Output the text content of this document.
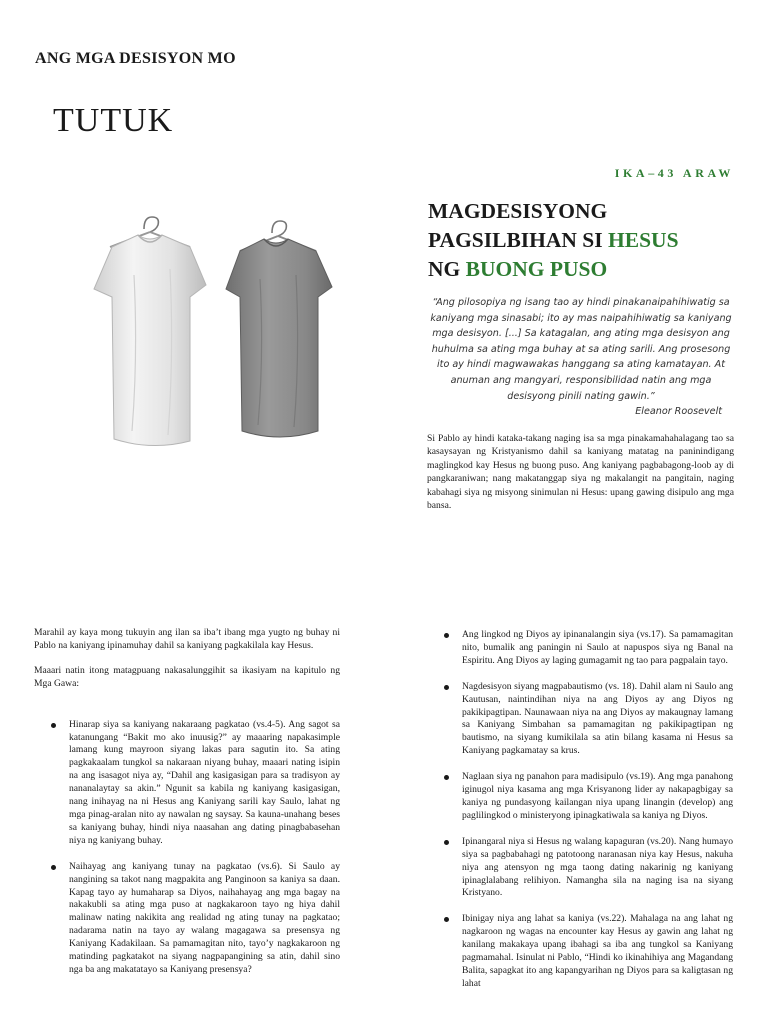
ANG MGA DESISYON MO
TUTUK
IKA–43 ARAW
MAGDESISYONG
PAGSILBIHAN SI HESUS
NG BUONG PUSO
“Ang pilosopiya ng isang tao ay hindi pinakanaipahihiwatig sa kaniyang mga sinasabi; ito ay mas naipahihiwatig sa kaniyang mga desisyon. [...] Sa katagalan, ang ating mga desisyon ang huhulma sa ating mga buhay at sa ating sarili. Ang prosesong ito ay hindi magwawakas hanggang sa ating kamatayan. At anuman ang mangyari, responsibilidad natin ang mga desisyong pinili nating gawin.”
Eleanor Roosevelt
Si Pablo ay hindi kataka-takang naging isa sa mga pinakamahahalagang tao sa kasaysayan ng Kristyanismo dahil sa kaniyang matatag na paninindigang maglingkod kay Hesus ng buong puso. Ang kaniyang pagbabagong-loob ay di pangkaraniwan; nang makatanggap siya ng makalangit na pangitain, naging kabahagi siya ng misyong sinimulan ni Hesus: upang gawing disipulo ang mga bansa.

Marahil ay kaya mong tukuyin ang ilan sa iba’t ibang mga yugto ng buhay ni Pablo na kaniyang ipinamuhay dahil sa kaniyang pagkakilala kay Hesus.

Maaari natin itong matagpuang nakasalunggihit sa ikasiyam na kapitulo ng Mga Gawa:

Hinarap siya sa kaniyang nakaraang pagkatao (vs.4-5). Ang sagot sa katanungang “Bakit mo ako inuusig?” ay maaaring napakasimple lamang kung mayroon siyang lakas para sagutin ito. Sa ating pagkakaalam tungkol sa nakaraan niyang buhay, maaari nating isipin na ang isasagot niya ay, “Dahil ang kasigasigan para sa tradisyon ay nananalaytay sa akin.” Ngunit sa kabila ng kaniyang kasigasigan, nang inihayag na ni Hesus ang Kaniyang sarili kay Saulo, lahat ng mga pinag-aralan nito ay nawalan ng saysay. Sa kauna-unahang beses sa kaniyang buhay, hindi niya naasahan ang dating pinagbabasehan niya ng kaniyang buhay.
Naihayag ang kaniyang tunay na pagkatao (vs.6). Si Saulo ay nangining sa takot nang magpakita ang Panginoon sa kaniya sa daan. Kapag tayo ay humaharap sa Diyos, naihahayag ang mga bagay na nakakubli sa ating mga puso at nagkakaroon tayo ng hiya dahil malinaw nating nakikita ang realidad ng ating tunay na pagkatao; nadarama natin na tayo ay walang magagawa sa presensya ng Kaniyang Kadakilaan. Sa pamamagitan nito, tayo’y nagkakaroon ng matinding pagkatakot na siyang nagpapangining sa atin, dahil sino nga ba ang makatatayo sa Kaniyang presensya?
Ang lingkod ng Diyos ay ipinanalangin siya (vs.17). Sa pamamagitan nito, bumalik ang paningin ni Saulo at napuspos siya ng Banal na Espiritu. Ang Diyos ay laging gumagamit ng tao para pagpalain tayo.
Nagdesisyon siyang magpabautismo (vs. 18). Dahil alam ni Saulo ang Kautusan, naintindihan niya na ang Diyos ay ang Diyos ng pakikipagtipan. Naunawaan niya na ang Diyos ay makaugnay lamang sa Kaniyang Simbahan sa pamamagitan ng pakikipagtipan ng bautismo, na siyang kumikilala sa atin bilang kasama ni Hesus sa Kaniyang pagkamatay sa krus.
Naglaan siya ng panahon para madisipulo (vs.19). Ang mga panahong iginugol niya kasama ang mga Krisyanong lider ay nakapagbigay sa kaniya ng pundasyong kailangan niya upang linangin (develop) ang paglilingkod o ministeryong ipinagkatiwala sa kaniya ng Diyos.
Ipinangaral niya si Hesus ng walang kapaguran (vs.20). Nang humayo siya sa pagbabahagi ng patotoong naranasan niya kay Hesus, nakuha niya ang atensyon ng mga taong dating nakarinig ng kaniyang ipinaglalabang relihiyon. Namangha sila na naging isa na siyang Kristyano.
Ibinigay niya ang lahat sa kaniya (vs.22). Mahalaga na ang lahat ng nagkaroon ng wagas na encounter kay Hesus ay gawin ang lahat ng kanilang makakaya upang ibahagi sa iba ang tungkol sa Kaniyang pagmamahal. Isinulat ni Pablo, “Hindi ko ikinahihiya ang Magandang Balita, sapagkat ito ang kapangyarihan ng Diyos para sa kaligtasan ng lahat
